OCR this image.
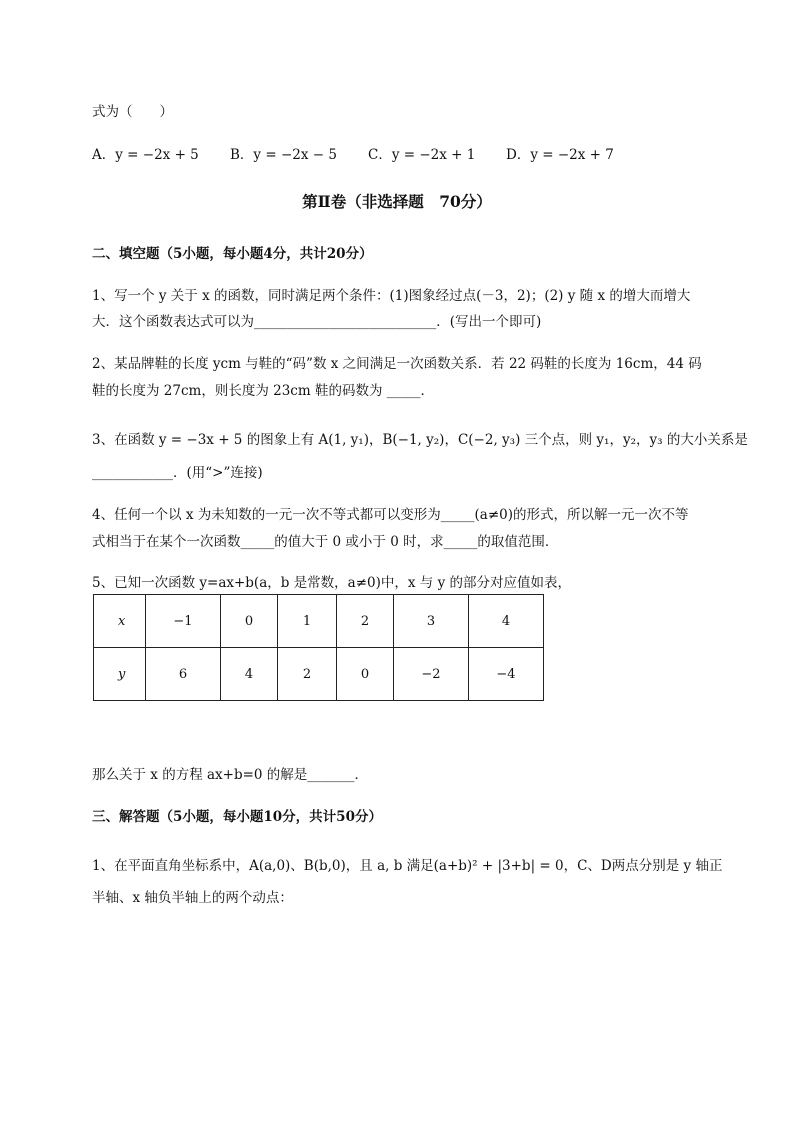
式为（　　）
A．y = −2x + 5 B．y = −2x − 5 C．y = −2x + 1 D．y = −2x + 7
第Ⅱ卷（非选择题　70分）
二、填空题（5小题，每小题4分，共计20分）
1、写一个 y 关于 x 的函数，同时满足两个条件：(1)图象经过点(－3，2)；(2) y 随 x 的增大而增大
大．这个函数表达式可以为___________________________．(写出一个即可)
2、某品牌鞋的长度 ycm 与鞋的“码”数 x 之间满足一次函数关系．若 22 码鞋的长度为 16cm，44 码
鞋的长度为 27cm，则长度为 23cm 鞋的码数为 _____．
3、在函数 y = −3x + 5 的图象上有 A(1, y₁)，B(−1, y₂)，C(−2, y₃) 三个点，则 y₁，y₂，y₃ 的大小关系是
____________．(用“>”连接)
4、任何一个以 x 为未知数的一元一次不等式都可以变形为_____(a≠0)的形式，所以解一元一次不等
式相当于在某个一次函数_____的值大于 0 或小于 0 时，求_____的取值范围．
5、已知一次函数 y=ax+b(a，b 是常数，a≠0)中，x 与 y 的部分对应值如表，
x	−1	0	1	2	3	4
y	6	4	2	0	−2	−4
那么关于 x 的方程 ax+b=0 的解是_______．
三、解答题（5小题，每小题10分，共计50分）
1、在平面直角坐标系中，A(a,0)、B(b,0)，且 a, b 满足(a+b)² + |3+b| = 0，C、D两点分别是 y 轴正
半轴、x 轴负半轴上的两个动点：
